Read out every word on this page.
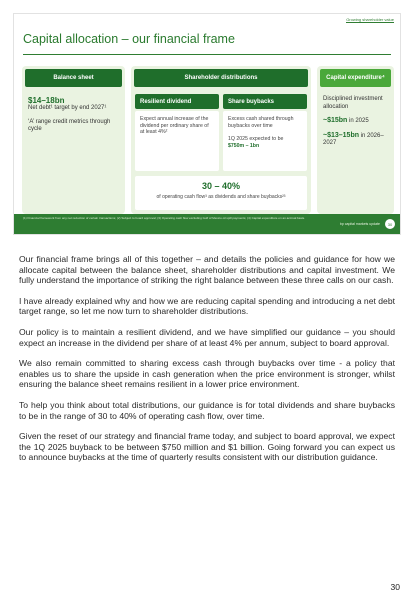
Growing shareholder value
Capital allocation – our financial frame
Balance sheet
$14–18bn

Net debt¹ target by end 2027¹

‘A’ range credit metrics through cycle

Shareholder distributions
Resilient dividend
Expect annual increase of the dividend per ordinary share of at least 4%²
Share buybacks
Excess cash shared through buybacks over time
1Q 2025 expected to be
$750m – 1bn
30 – 40%
of operating cash flow³ as dividends and share buybacks²³
Capital expenditure⁴

Disciplined investment allocation

~$15bn in 2025

~$13–15bn in 2026–2027

(1) Financial framework from any net reduction of certain transactions; (2) Subject to board approval; (3) Operating cash flow excluding Gulf of Mexico oil spill payments; (4) Capital expenditure on an accrual basis.
bp capital markets update	30

Our financial frame brings all of this together – and details the policies and guidance for how we allocate capital between the balance sheet, shareholder distributions and capital investment. We fully understand the importance of striking the right balance between these three calls on our cash.

I have already explained why and how we are reducing capital spending and introducing a net debt target range, so let me now turn to shareholder distributions.

Our policy is to maintain a resilient dividend, and we have simplified our guidance – you should expect an increase in the dividend per share of at least 4% per annum, subject to board approval.

We also remain committed to sharing excess cash through buybacks over time - a policy that enables us to share the upside in cash generation when the price environment is stronger, whilst ensuring the balance sheet remains resilient in a lower price environment.

To help you think about total distributions, our guidance is for total dividends and share buybacks to be in the range of 30 to 40% of operating cash flow, over time.

Given the reset of our strategy and financial frame today, and subject to board approval, we expect the 1Q 2025 buyback to be between $750 million and $1 billion. Going forward you can expect us to announce buybacks at the time of quarterly results consistent with our distribution guidance.

30
